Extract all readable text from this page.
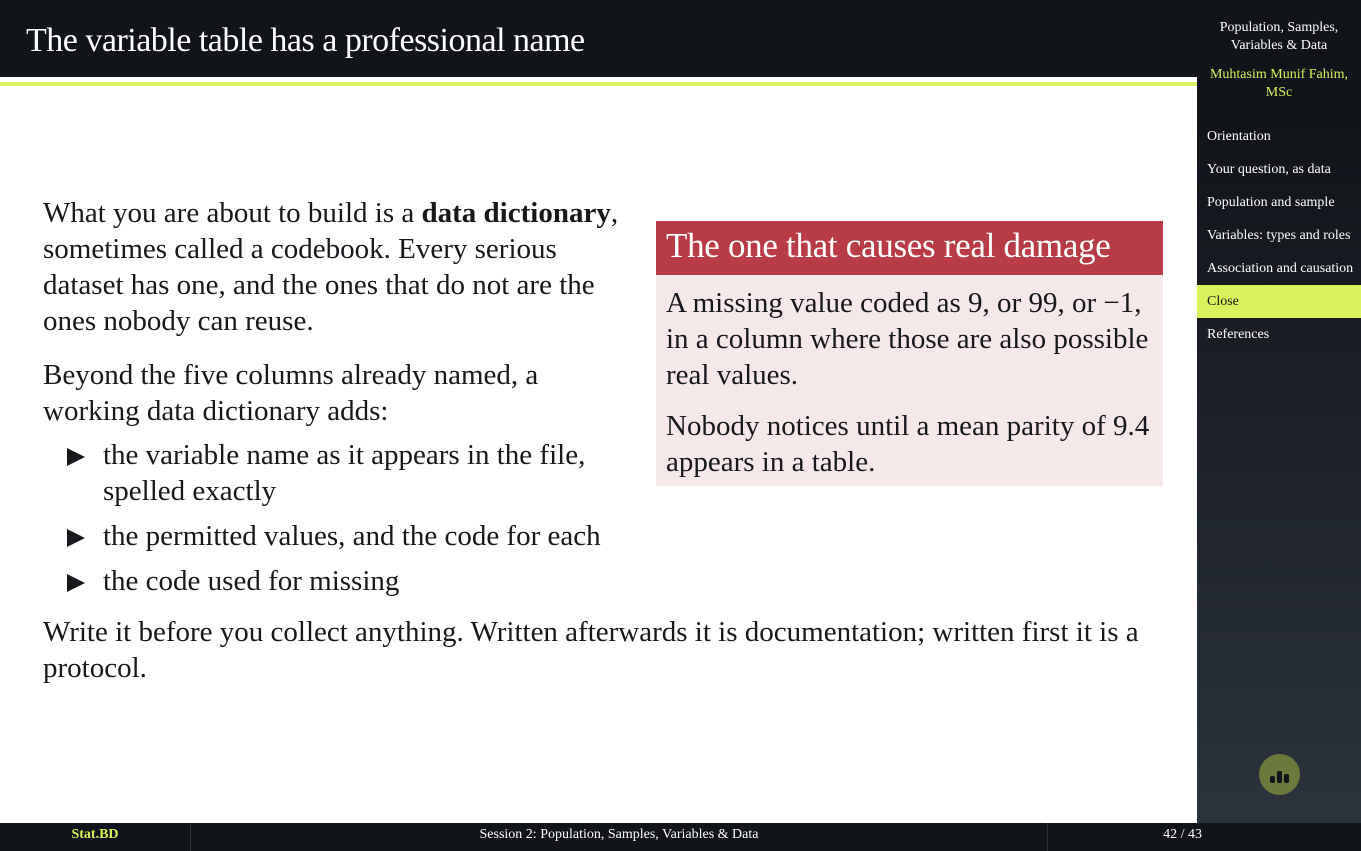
The variable table has a professional name

What you are about to build is a data dictionary, sometimes called a codebook. Every serious dataset has one, and the ones that do not are the ones nobody can reuse.

Beyond the five columns already named, a working data dictionary adds:

the variable name as it appears in the file, spelled exactly
the permitted values, and the code for each
the code used for missing
The one that causes real damage

A missing value coded as 9, or 99, or −1, in a column where those are also possible real values.

Nobody notices until a mean parity of 9.4 appears in a table.

Write it before you collect anything. Written afterwards it is documentation; written first it is a protocol.

Population, Samples, Variables & Data
Muhtasim Munif Fahim, MSc
Orientation
Your question, as data
Population and sample
Variables: types and roles
Association and causation
Close
References
Stat.BD	Session 2: Population, Samples, Variables & Data	42 / 43
